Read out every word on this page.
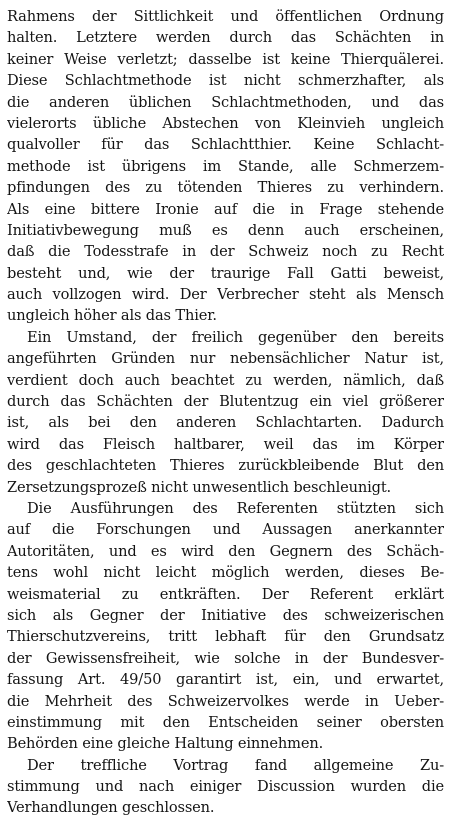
Rahmens der Sittlichkeit und öffentlichen Ordnung
halten. Letztere werden durch das Schächten in
keiner Weise verletzt; dasselbe ist keine Thierquälerei.
Diese Schlachtmethode ist nicht schmerzhafter, als
die anderen üblichen Schlachtmethoden, und das
vielerorts übliche Abstechen von Kleinvieh ungleich
qualvoller für das Schlachtthier. Keine Schlacht-
methode ist übrigens im Stande, alle Schmerzem-
pfindungen des zu tötenden Thieres zu verhindern.
Als eine bittere Ironie auf die in Frage stehende
Initiativbewegung muß es denn auch erscheinen,
daß die Todesstrafe in der Schweiz noch zu Recht
besteht und, wie der traurige Fall Gatti beweist,
auch vollzogen wird. Der Verbrecher steht als Mensch
ungleich höher als das Thier.
Ein Umstand, der freilich gegenüber den bereits
angeführten Gründen nur nebensächlicher Natur ist,
verdient doch auch beachtet zu werden, nämlich, daß
durch das Schächten der Blutentzug ein viel größerer
ist, als bei den anderen Schlachtarten. Dadurch
wird das Fleisch haltbarer, weil das im Körper
des geschlachteten Thieres zurückbleibende Blut den
Zersetzungsprozeß nicht unwesentlich beschleunigt.
Die Ausführungen des Referenten stützten sich
auf die Forschungen und Aussagen anerkannter
Autoritäten, und es wird den Gegnern des Schäch-
tens wohl nicht leicht möglich werden, dieses Be-
weismaterial zu entkräften. Der Referent erklärt
sich als Gegner der Initiative des schweizerischen
Thierschutzvereins, tritt lebhaft für den Grundsatz
der Gewissensfreiheit, wie solche in der Bundesver-
fassung Art. 49/50 garantirt ist, ein, und erwartet,
die Mehrheit des Schweizervolkes werde in Ueber-
einstimmung mit den Entscheiden seiner obersten
Behörden eine gleiche Haltung einnehmen.
Der treffliche Vortrag fand allgemeine Zu-
stimmung und nach einiger Discussion wurden die
Verhandlungen geschlossen.
